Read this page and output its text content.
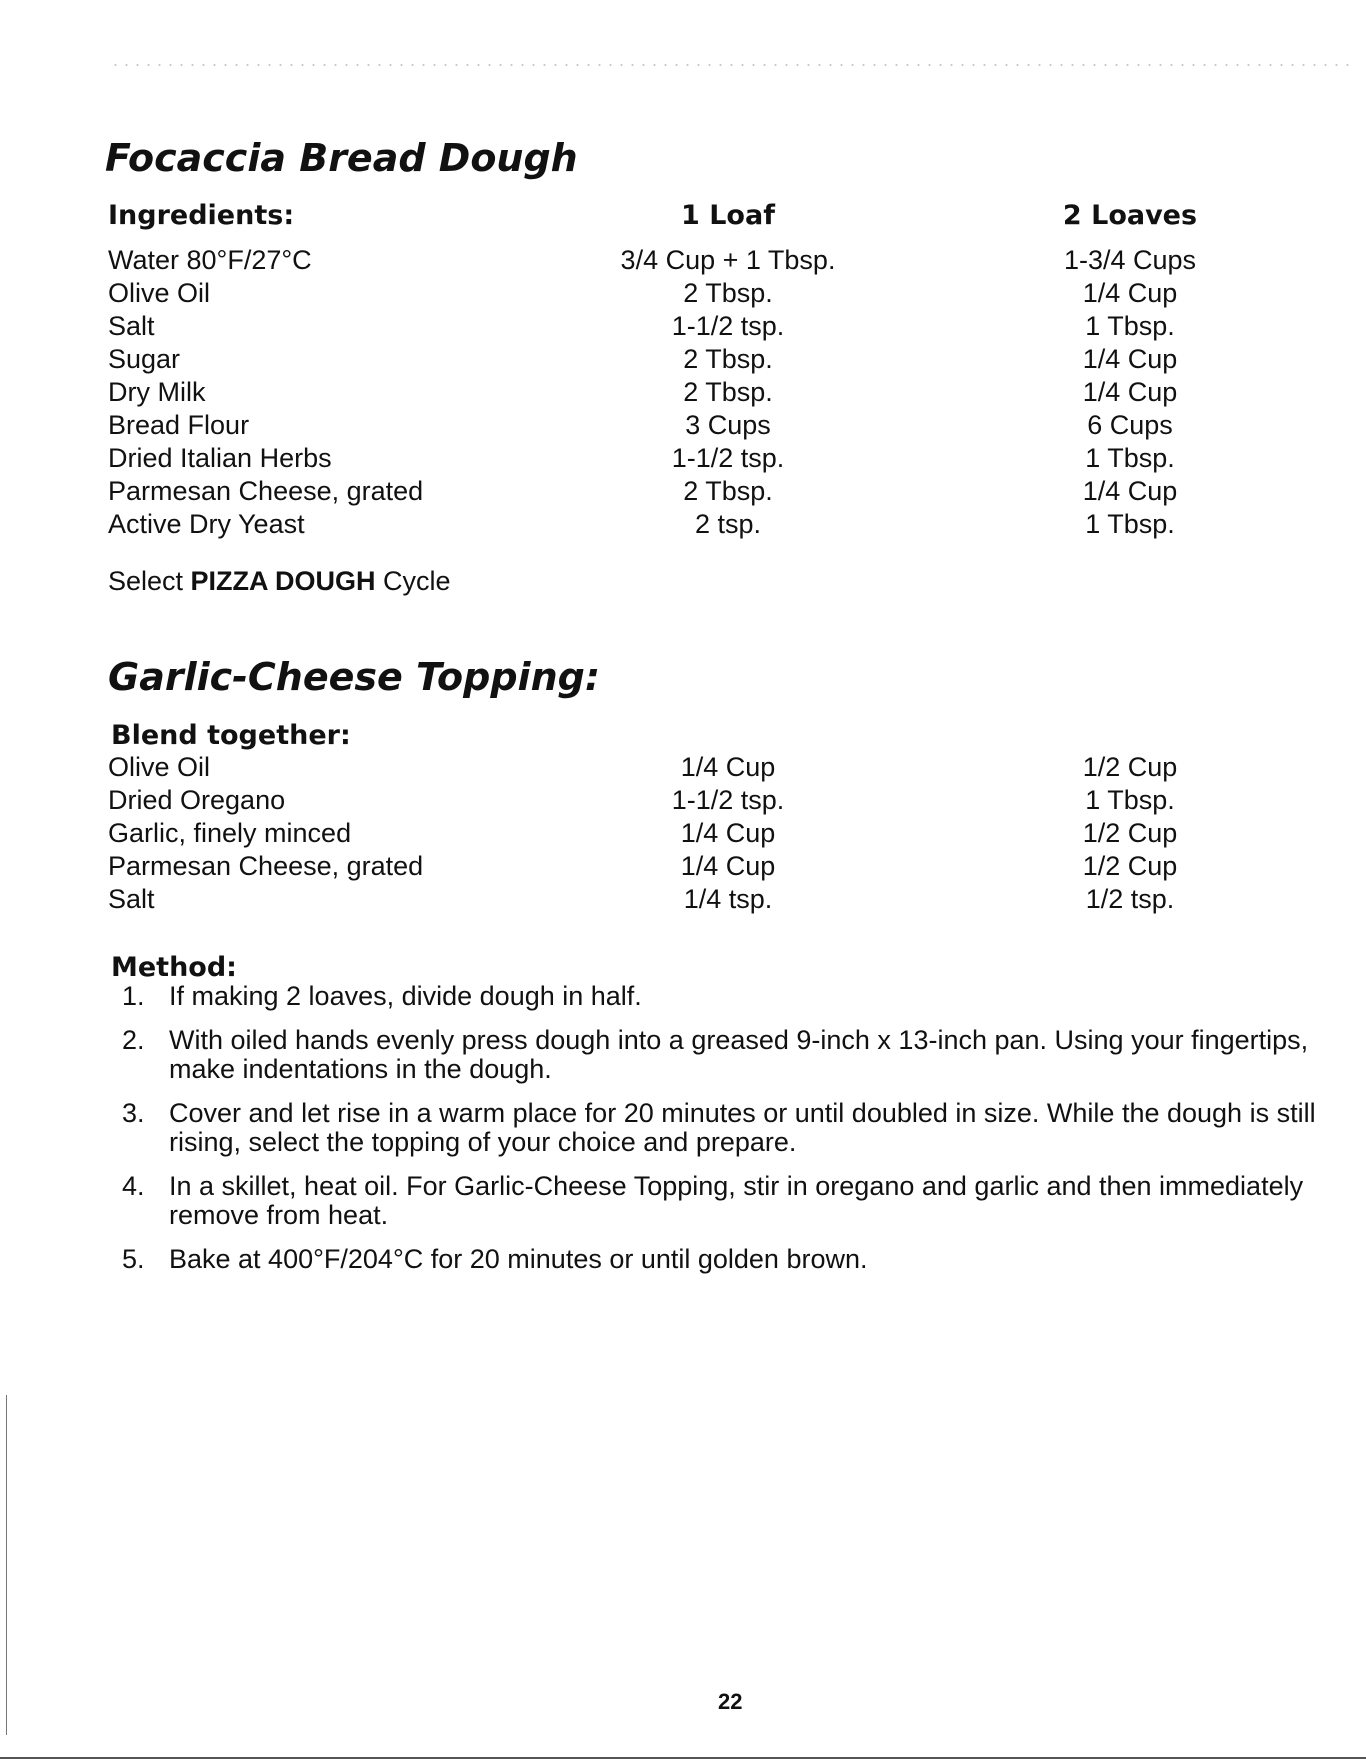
Focaccia Bread Dough
Ingredients:	1 Loaf	2 Loaves
Water 80°F/27°C	3/4 Cup + 1 Tbsp.	1-3/4 Cups
Olive Oil	2 Tbsp.	1/4 Cup
Salt	1-1/2 tsp.	1 Tbsp.
Sugar	2 Tbsp.	1/4 Cup
Dry Milk	2 Tbsp.	1/4 Cup
Bread Flour	3 Cups	6 Cups
Dried Italian Herbs	1-1/2 tsp.	1 Tbsp.
Parmesan Cheese, grated	2 Tbsp.	1/4 Cup
Active Dry Yeast	2 tsp.	1 Tbsp.
Select PIZZA DOUGH Cycle
Garlic-Cheese Topping:
Blend together:
Olive Oil	1/4 Cup	1/2 Cup
Dried Oregano	1-1/2 tsp.	1 Tbsp.
Garlic, finely minced	1/4 Cup	1/2 Cup
Parmesan Cheese, grated	1/4 Cup	1/2 Cup
Salt	1/4 tsp.	1/2 tsp.
Method:
1. If making 2 loaves, divide dough in half.
2. With oiled hands evenly press dough into a greased 9-inch x 13-inch pan. Using your fingertips, make indentations in the dough.
3. Cover and let rise in a warm place for 20 minutes or until doubled in size. While the dough is still rising, select the topping of your choice and prepare.
4. In a skillet, heat oil. For Garlic-Cheese Topping, stir in oregano and garlic and then immediately remove from heat.
5. Bake at 400°F/204°C for 20 minutes or until golden brown.
22
